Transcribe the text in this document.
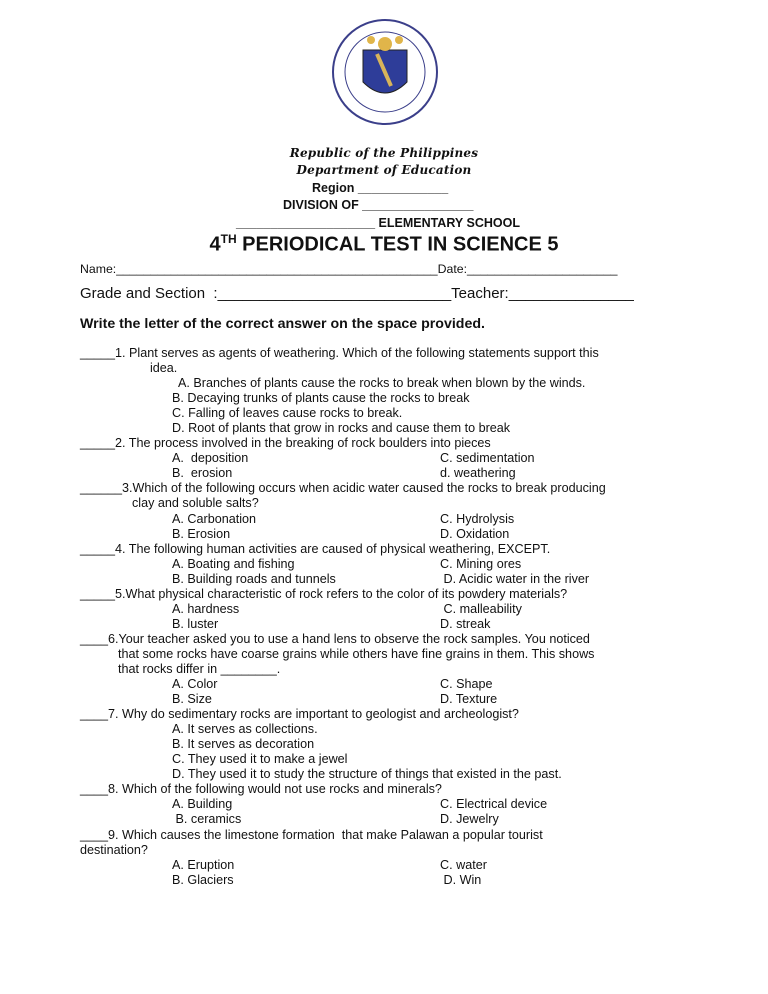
Republic of the Philippines
Department of Education
Region _____________
DIVISION OF ________________
____________________ ELEMENTARY SCHOOL
4TH PERIODICAL TEST IN SCIENCE 5
Name:_______________________________________________Date:______________________
Grade and Section  :____________________________Teacher:_______________
Write the letter of the correct answer on the space provided.
_____1. Plant serves as agents of weathering. Which of the following statements support this
idea.
A. Branches of plants cause the rocks to break when blown by the winds.
B. Decaying trunks of plants cause the rocks to break
C. Falling of leaves cause rocks to break.
D. Root of plants that grow in rocks and cause them to break
_____2. The process involved in the breaking of rock boulders into pieces
A.  deposition	C. sedimentation
B.  erosion	d. weathering
______3.Which of the following occurs when acidic water caused the rocks to break producing
clay and soluble salts?
A. Carbonation	C. Hydrolysis
B. Erosion	D. Oxidation
_____4. The following human activities are caused of physical weathering, EXCEPT.
A. Boating and fishing	C. Mining ores
B. Building roads and tunnels	D. Acidic water in the river
_____5.What physical characteristic of rock refers to the color of its powdery materials?
A. hardness	C. malleability
B. luster	D. streak
____6.Your teacher asked you to use a hand lens to observe the rock samples. You noticed
that some rocks have coarse grains while others have fine grains in them. This shows
that rocks differ in ________.
A. Color	C. Shape
B. Size	D. Texture
____7. Why do sedimentary rocks are important to geologist and archeologist?
A. It serves as collections.
B. It serves as decoration
C. They used it to make a jewel
D. They used it to study the structure of things that existed in the past.
____8. Which of the following would not use rocks and minerals?
A. Building	C. Electrical device
B. ceramics	D. Jewelry
____9. Which causes the limestone formation  that make Palawan a popular tourist
destination?
A. Eruption	C. water
B. Glaciers	D. Win
